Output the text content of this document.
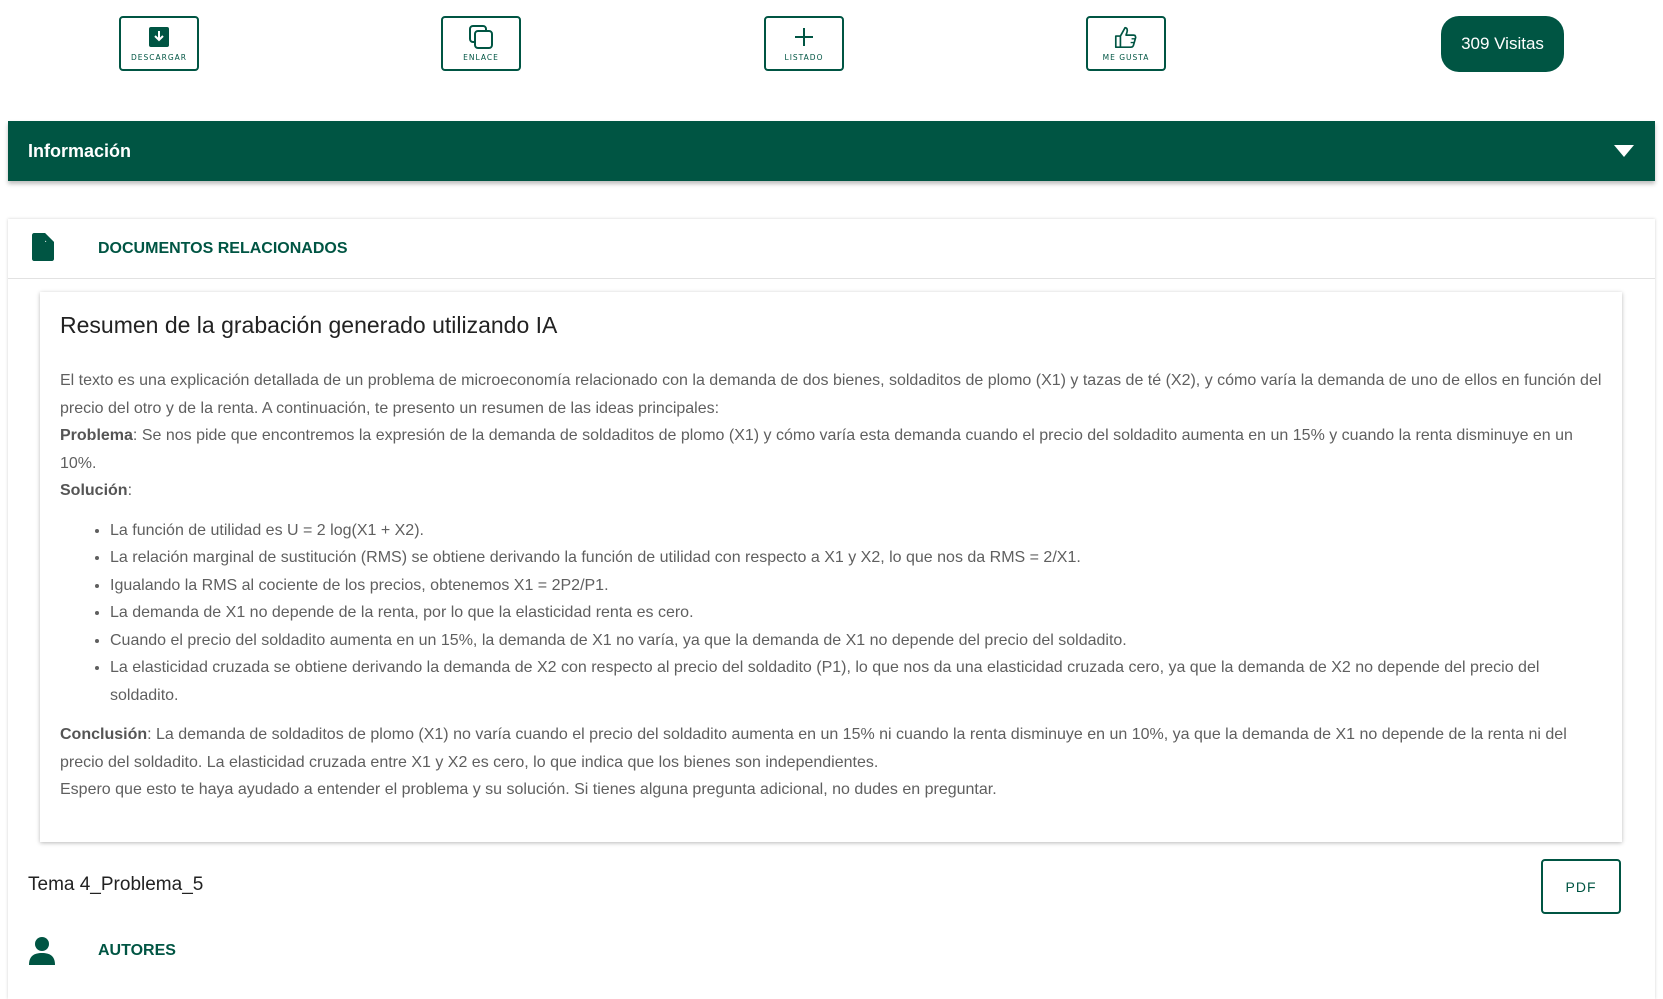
DESCARGAR	ENLACE	LISTADO	ME GUSTA
309 Visitas
Información
DOCUMENTOS RELACIONADOS
Resumen de la grabación generado utilizando IA

El texto es una explicación detallada de un problema de microeconomía relacionado con la demanda de dos bienes, soldaditos de plomo (X1) y tazas de té (X2), y cómo varía la demanda de uno de ellos en función del precio del otro y de la renta. A continuación, te presento un resumen de las ideas principales:

Problema: Se nos pide que encontremos la expresión de la demanda de soldaditos de plomo (X1) y cómo varía esta demanda cuando el precio del soldadito aumenta en un 15% y cuando la renta disminuye en un 10%.

Solución:

• La función de utilidad es U = 2 log(X1 + X2).
• La relación marginal de sustitución (RMS) se obtiene derivando la función de utilidad con respecto a X1 y X2, lo que nos da RMS = 2/X1.
• Igualando la RMS al cociente de los precios, obtenemos X1 = 2P2/P1.
• La demanda de X1 no depende de la renta, por lo que la elasticidad renta es cero.
• Cuando el precio del soldadito aumenta en un 15%, la demanda de X1 no varía, ya que la demanda de X1 no depende del precio del soldadito.
• La elasticidad cruzada se obtiene derivando la demanda de X2 con respecto al precio del soldadito (P1), lo que nos da una elasticidad cruzada cero, ya que la demanda de X2 no depende del precio del soldadito.

Conclusión: La demanda de soldaditos de plomo (X1) no varía cuando el precio del soldadito aumenta en un 15% ni cuando la renta disminuye en un 10%, ya que la demanda de X1 no depende de la renta ni del precio del soldadito. La elasticidad cruzada entre X1 y X2 es cero, lo que indica que los bienes son independientes.

Espero que esto te haya ayudado a entender el problema y su solución. Si tienes alguna pregunta adicional, no dudes en preguntar.

Tema 4_Problema_5	PDF
AUTORES
